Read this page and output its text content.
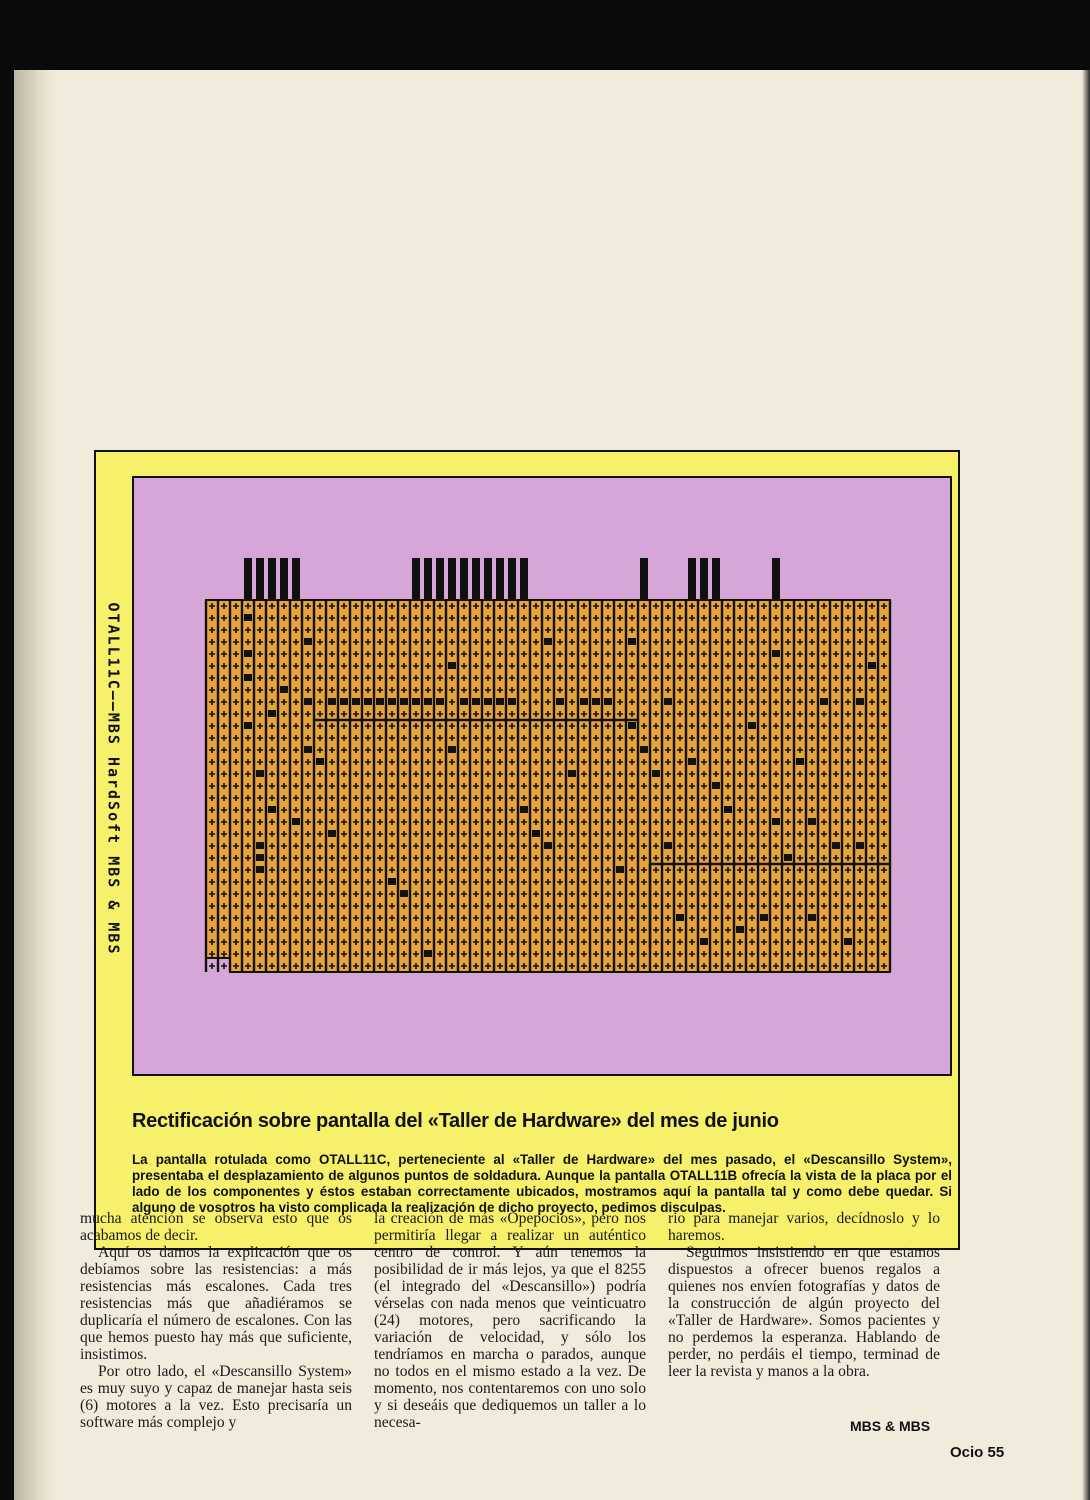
OTALL11C——MBS HardSoft MBS & MBS
Rectificación sobre pantalla del «Taller de Hardware» del mes de junio

La pantalla rotulada como OTALL11C, perteneciente al «Taller de Hardware» del mes pasado, el «Descansillo System», presentaba el desplazamiento de algunos puntos de soldadura. Aunque la pantalla OTALL11B ofrecía la vista de la placa por el lado de los componentes y éstos estaban correctamente ubicados, mostramos aquí la pantalla tal y como debe quedar. Si alguno de vosotros ha visto complicada la realización de dicho proyecto, pedimos disculpas.

mucha atención se observa esto que os acabamos de decir.

Aquí os damos la explicación que os debíamos sobre las resistencias: a más resistencias más escalones. Cada tres resistencias más que añadiéramos se duplicaría el número de escalones. Con las que hemos puesto hay más que suficiente, insistimos.

Por otro lado, el «Descansillo System» es muy suyo y capaz de manejar hasta seis (6) motores a la vez. Esto precisaría un software más complejo y

la creación de más «Opepocios», pero nos permitiría llegar a realizar un auténtico centro de control. Y aún tenemos la posibilidad de ir más lejos, ya que el 8255 (el integrado del «Descansillo») podría vérselas con nada menos que veinticuatro (24) motores, pero sacrificando la variación de velocidad, y sólo los tendríamos en marcha o parados, aunque no todos en el mismo estado a la vez. De momento, nos contentaremos con uno solo y si deseáis que dediquemos un taller a lo necesa-

rio para manejar varios, decídnoslo y lo haremos.

Seguimos insistiendo en que estamos dispuestos a ofrecer buenos regalos a quienes nos envíen fotografías y datos de la construcción de algún proyecto del «Taller de Hardware». Somos pacientes y no perdemos la esperanza. Hablando de perder, no perdáis el tiempo, terminad de leer la revista y manos a la obra.

MBS & MBS
Ocio 55
